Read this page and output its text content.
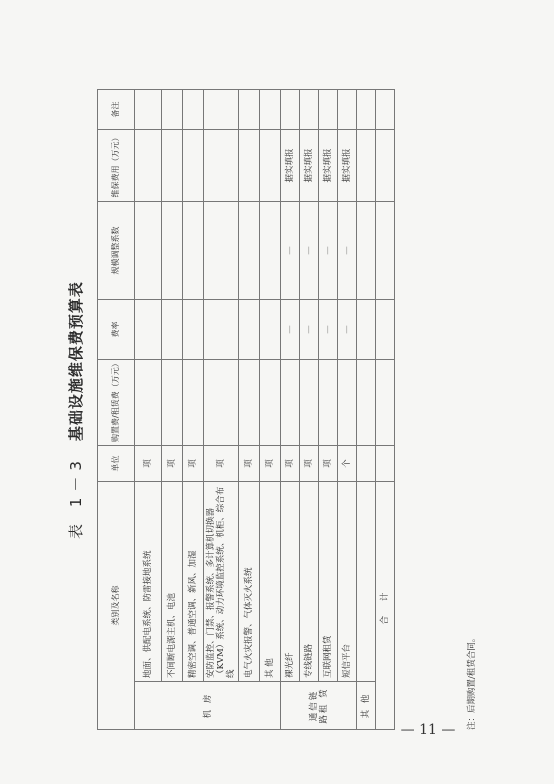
表 1－3基础设施维保费预算表
类别及名称		单位	购置费/租赁费（万元）	费率	规模调整系数	维保费用（万元）	备注
机 房	地面、供配电系统、防雷接地系统	项					
	不间断电源主机、电池	项					
	精密空调、普通空调、新风、加湿	项					
	安防监控、门禁、报警系统、多计算机切换器（KVM）系统、动力环境监控系统、机柜、综合布线	项					
	电气火灾报警、气体灭火系统	项					
	其 他	项					
通信链路租 赁	裸光纤	项		—	—	据实填报	
	专线链路	项		—	—	据实填报	
	互联网租赁	项		—	—	据实填报	
	短信平台	个		—	—	据实填报	
其 他							
合 计							
注：后期购置/租赁合同。
— 11 —
